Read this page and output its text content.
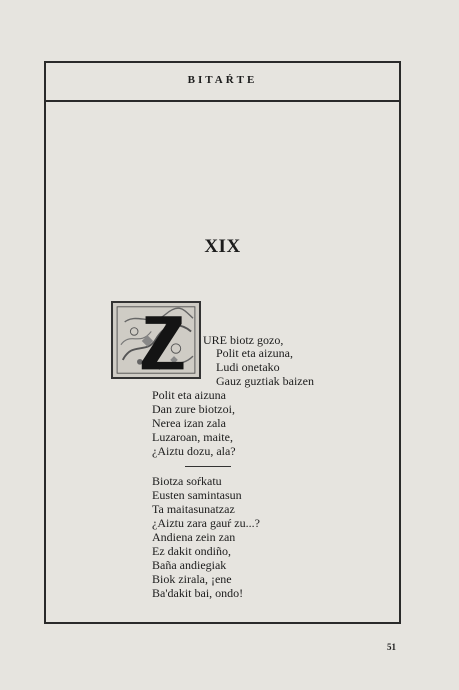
BITAŔTE
XIX
URE biotz gozo,
Polit eta aizuna,
Ludi onetako
Gauz guztiak baizen
Polit eta aizuna
Dan zure biotzoi,
Nerea izan zala
Luzaroan, maite,
¿Aiztu dozu, ala?
Biotza soŕkatu
Eusten samintasun
Ta maitasunatzaz
¿Aiztu zara gauŕ zu...?
Andiena zein zan
Ez dakit ondiño,
Baña andiegiak
Biok zirala, ¡ene
Ba'dakit bai, ondo!
51
